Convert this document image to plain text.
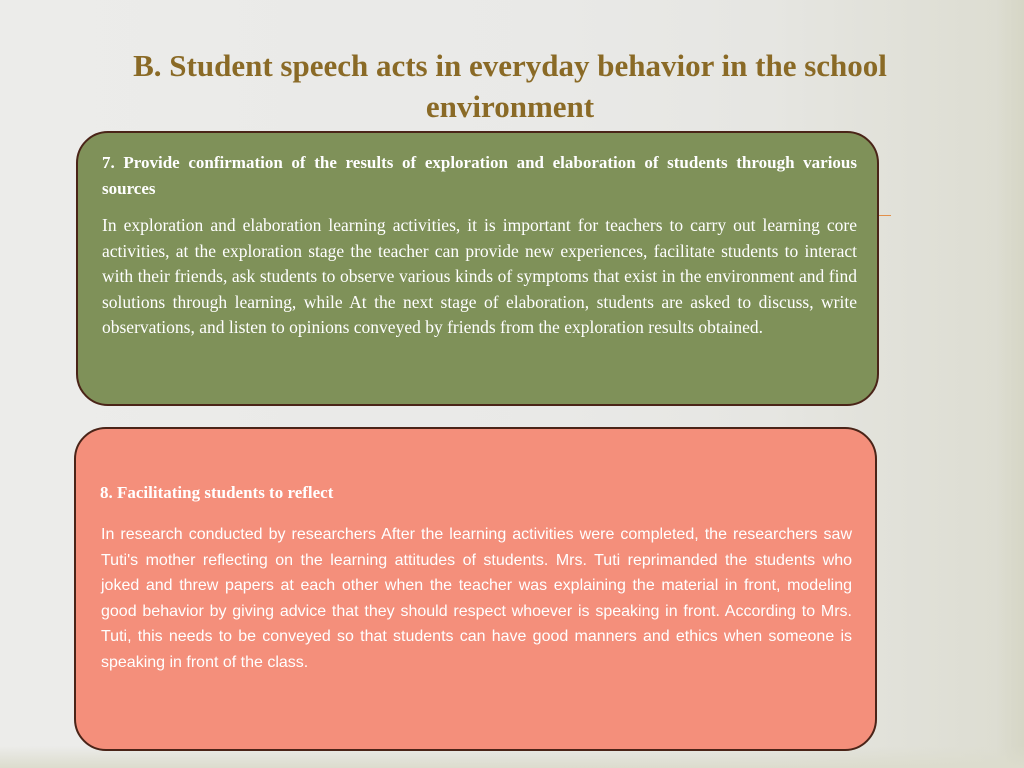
B. Student speech acts in everyday behavior in the school environment

7. Provide confirmation of the results of exploration and elaboration of students through various sources

In exploration and elaboration learning activities, it is important for teachers to carry out learning core activities, at the exploration stage the teacher can provide new experiences, facilitate students to interact with their friends, ask students to observe various kinds of symptoms that exist in the environment and find solutions through learning, while At the next stage of elaboration, students are asked to discuss, write observations, and listen to opinions conveyed by friends from the exploration results obtained.

8. Facilitating students to reflect

In research conducted by researchers After the learning activities were completed, the researchers saw Tuti's mother reflecting on the learning attitudes of students. Mrs. Tuti reprimanded the students who joked and threw papers at each other when the teacher was explaining the material in front, modeling good behavior by giving advice that they should respect whoever is speaking in front. According to Mrs. Tuti, this needs to be conveyed so that students can have good manners and ethics when someone is speaking in front of the class.
